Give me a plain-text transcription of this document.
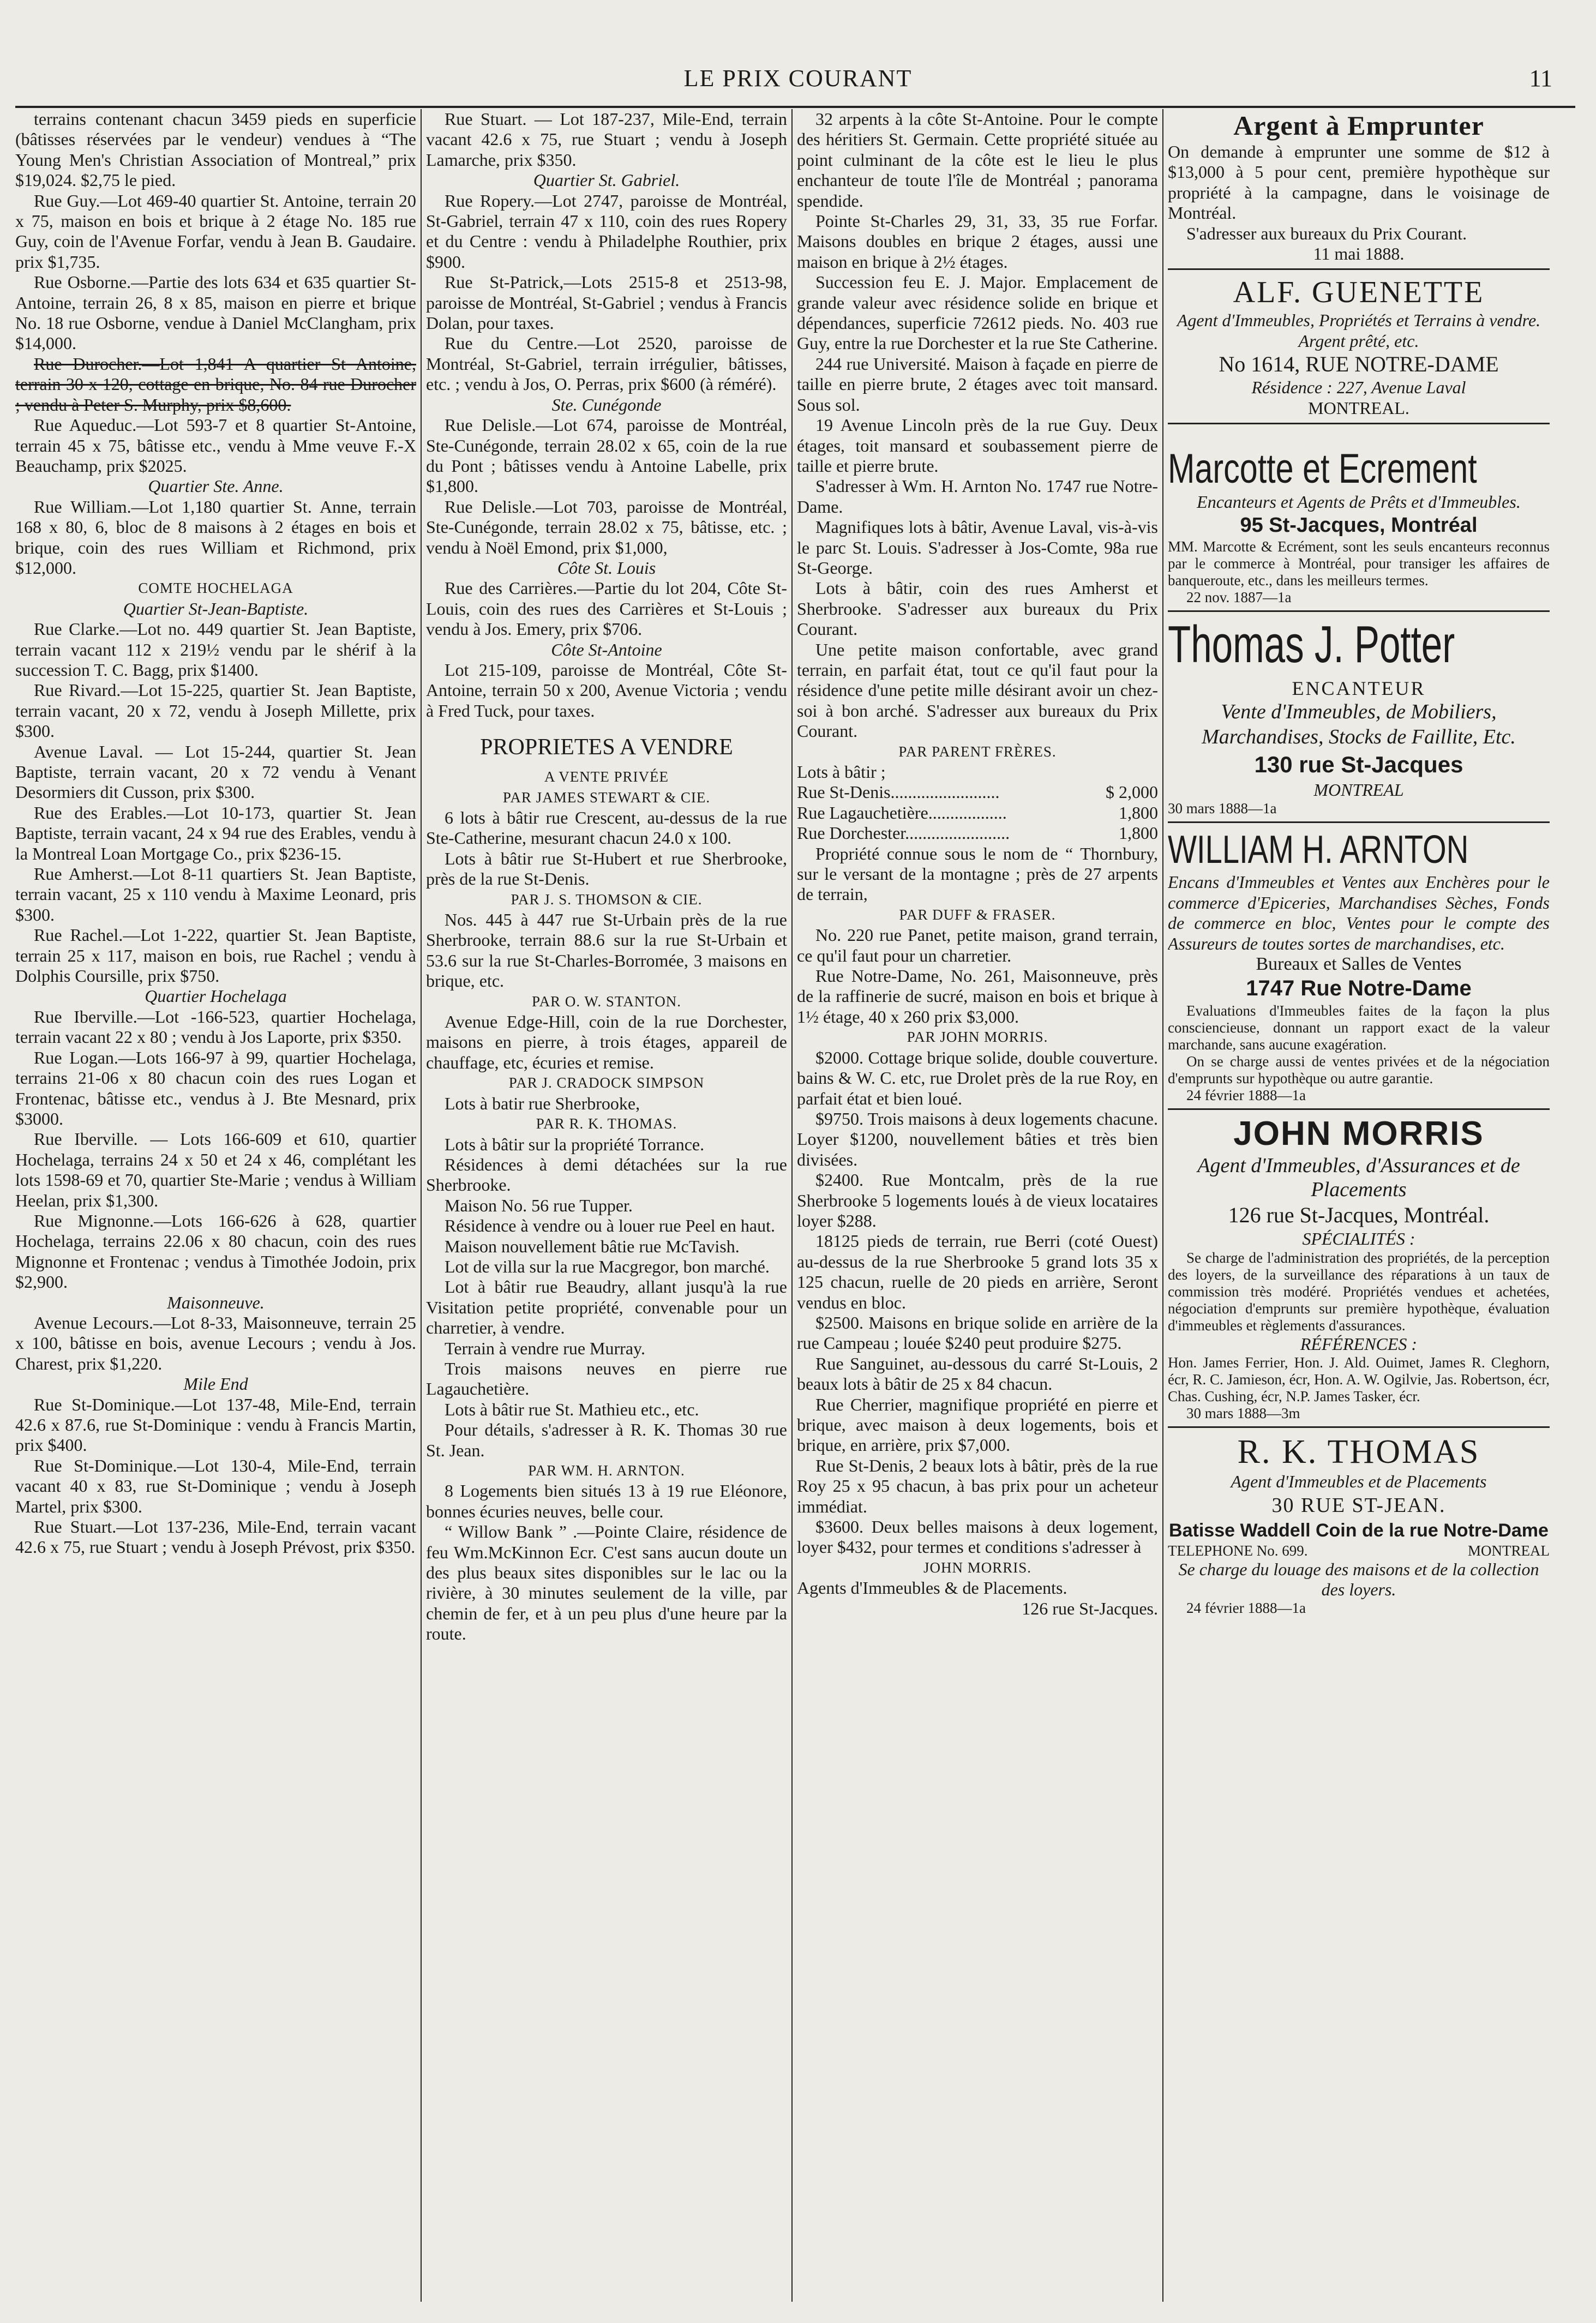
LE PRIX COURANT	11

terrains contenant chacun 3459 pieds en superficie (bâtisses réservées par le vendeur) vendues à “The Young Men's Christian Association of Montreal,” prix $19,024. $2,75 le pied.

Rue Guy.—Lot 469-40 quartier St. Antoine, terrain 20 x 75, maison en bois et brique à 2 étage No. 185 rue Guy, coin de l'Avenue Forfar, vendu à Jean B. Gaudaire. prix $1,735.

Rue Osborne.—Partie des lots 634 et 635 quartier St-Antoine, terrain 26, 8 x 85, maison en pierre et brique No. 18 rue Osborne, vendue à Daniel McClangham, prix $14,000.

Rue Durocher.—Lot 1,841 A quartier St Antoine, terrain 30 x 120, cottage en brique, No. 84 rue Durocher ; vendu à Peter S. Murphy, prix $8,600.

Rue Aqueduc.—Lot 593-7 et 8 quartier St-Antoine, terrain 45 x 75, bâtisse etc., vendu à Mme veuve F.-X Beauchamp, prix $2025.

Quartier Ste. Anne.

Rue William.—Lot 1,180 quartier St. Anne, terrain 168 x 80, 6, bloc de 8 maisons à 2 étages en bois et brique, coin des rues William et Richmond, prix $12,000.

COMTE HOCHELAGA

Quartier St-Jean-Baptiste.

Rue Clarke.—Lot no. 449 quartier St. Jean Baptiste, terrain vacant 112 x 219½ vendu par le shérif à la succession T. C. Bagg, prix $1400.

Rue Rivard.—Lot 15-225, quartier St. Jean Baptiste, terrain vacant, 20 x 72, vendu à Joseph Millette, prix $300.

Avenue Laval. — Lot 15-244, quartier St. Jean Baptiste, terrain vacant, 20 x 72 vendu à Venant Desormiers dit Cusson, prix $300.

Rue des Erables.—Lot 10-173, quartier St. Jean Baptiste, terrain vacant, 24 x 94 rue des Erables, vendu à la Montreal Loan Mortgage Co., prix $236-15.

Rue Amherst.—Lot 8-11 quartiers St. Jean Baptiste, terrain vacant, 25 x 110 vendu à Maxime Leonard, pris $300.

Rue Rachel.—Lot 1-222, quartier St. Jean Baptiste, terrain 25 x 117, maison en bois, rue Rachel ; vendu à Dolphis Coursille, prix $750.

Quartier Hochelaga

Rue Iberville.—Lot -166-523, quartier Hochelaga, terrain vacant 22 x 80 ; vendu à Jos Laporte, prix $350.

Rue Logan.—Lots 166-97 à 99, quartier Hochelaga, terrains 21-06 x 80 chacun coin des rues Logan et Frontenac, bâtisse etc., vendus à J. Bte Mesnard, prix $3000.

Rue Iberville. — Lots 166-609 et 610, quartier Hochelaga, terrains 24 x 50 et 24 x 46, complétant les lots 1598-69 et 70, quartier Ste-Marie ; vendus à William Heelan, prix $1,300.

Rue Mignonne.—Lots 166-626 à 628, quartier Hochelaga, terrains 22.06 x 80 chacun, coin des rues Mignonne et Frontenac ; vendus à Timothée Jodoin, prix $2,900.

Maisonneuve.

Avenue Lecours.—Lot 8-33, Maisonneuve, terrain 25 x 100, bâtisse en bois, avenue Lecours ; vendu à Jos. Charest, prix $1,220.

Mile End

Rue St-Dominique.—Lot 137-48, Mile-End, terrain 42.6 x 87.6, rue St-Dominique : vendu à Francis Martin, prix $400.

Rue St-Dominique.—Lot 130-4, Mile-End, terrain vacant 40 x 83, rue St-Dominique ; vendu à Joseph Martel, prix $300.

Rue Stuart.—Lot 137-236, Mile-End, terrain vacant 42.6 x 75, rue Stuart ; vendu à Joseph Prévost, prix $350.

Rue Stuart. — Lot 187-237, Mile-End, terrain vacant 42.6 x 75, rue Stuart ; vendu à Joseph Lamarche, prix $350.

Quartier St. Gabriel.

Rue Ropery.—Lot 2747, paroisse de Montréal, St-Gabriel, terrain 47 x 110, coin des rues Ropery et du Centre : vendu à Philadelphe Routhier, prix $900.

Rue St-Patrick,—Lots 2515-8 et 2513-98, paroisse de Montréal, St-Gabriel ; vendus à Francis Dolan, pour taxes.

Rue du Centre.—Lot 2520, paroisse de Montréal, St-Gabriel, terrain irrégulier, bâtisses, etc. ; vendu à Jos, O. Perras, prix $600 (à réméré).

Ste. Cunégonde

Rue Delisle.—Lot 674, paroisse de Montréal, Ste-Cunégonde, terrain 28.02 x 65, coin de la rue du Pont ; bâtisses vendu à Antoine Labelle, prix $1,800.

Rue Delisle.—Lot 703, paroisse de Montréal, Ste-Cunégonde, terrain 28.02 x 75, bâtisse, etc. ; vendu à Noël Emond, prix $1,000,

Côte St. Louis

Rue des Carrières.—Partie du lot 204, Côte St-Louis, coin des rues des Carrières et St-Louis ; vendu à Jos. Emery, prix $706.

Côte St-Antoine

Lot 215-109, paroisse de Montréal, Côte St-Antoine, terrain 50 x 200, Avenue Victoria ; vendu à Fred Tuck, pour taxes.

PROPRIETES A VENDRE

A VENTE PRIVÉE

PAR JAMES STEWART & CIE.

6 lots à bâtir rue Crescent, au-dessus de la rue Ste-Catherine, mesurant chacun 24.0 x 100.

Lots à bâtir rue St-Hubert et rue Sherbrooke, près de la rue St-Denis.

PAR J. S. THOMSON & CIE.

Nos. 445 à 447 rue St-Urbain près de la rue Sherbrooke, terrain 88.6 sur la rue St-Urbain et 53.6 sur la rue St-Charles-Borromée, 3 maisons en brique, etc.

PAR O. W. STANTON.

Avenue Edge-Hill, coin de la rue Dorchester, maisons en pierre, à trois étages, appareil de chauffage, etc, écuries et remise.

PAR J. CRADOCK SIMPSON

Lots à batir rue Sherbrooke,

PAR R. K. THOMAS.

Lots à bâtir sur la propriété Torrance.

Résidences à demi détachées sur la rue Sherbrooke.

Maison No. 56 rue Tupper.

Résidence à vendre ou à louer rue Peel en haut.

Maison nouvellement bâtie rue McTavish.

Lot de villa sur la rue Macgregor, bon marché.

Lot à bâtir rue Beaudry, allant jusqu'à la rue Visitation petite propriété, convenable pour un charretier, à vendre.

Terrain à vendre rue Murray.

Trois maisons neuves en pierre rue Lagauchetière.

Lots à bâtir rue St. Mathieu etc., etc.

Pour détails, s'adresser à R. K. Thomas 30 rue St. Jean.

PAR WM. H. ARNTON.

8 Logements bien situés 13 à 19 rue Eléonore, bonnes écuries neuves, belle cour.

“ Willow Bank ” .—Pointe Claire, résidence de feu Wm.McKinnon Ecr. C'est sans aucun doute un des plus beaux sites disponibles sur le lac ou la rivière, à 30 minutes seulement de la ville, par chemin de fer, et à un peu plus d'une heure par la route.

32 arpents à la côte St-Antoine. Pour le compte des héritiers St. Germain. Cette propriété située au point culminant de la côte est le lieu le plus enchanteur de toute l'île de Montréal ; panorama spendide.

Pointe St-Charles 29, 31, 33, 35 rue Forfar. Maisons doubles en brique 2 étages, aussi une maison en brique à 2½ étages.

Succession feu E. J. Major. Emplacement de grande valeur avec résidence solide en brique et dépendances, superficie 72612 pieds. No. 403 rue Guy, entre la rue Dorchester et la rue Ste Catherine.

244 rue Université. Maison à façade en pierre de taille en pierre brute, 2 étages avec toit mansard. Sous sol.

19 Avenue Lincoln près de la rue Guy. Deux étages, toit mansard et soubassement pierre de taille et pierre brute.

S'adresser à Wm. H. Arnton No. 1747 rue Notre-Dame.

Magnifiques lots à bâtir, Avenue Laval, vis-à-vis le parc St. Louis. S'adresser à Jos-Comte, 98a rue St-George.

Lots à bâtir, coin des rues Amherst et Sherbrooke. S'adresser aux bureaux du Prix Courant.

Une petite maison confortable, avec grand terrain, en parfait état, tout ce qu'il faut pour la résidence d'une petite mille désirant avoir un chez-soi à bon arché. S'adresser aux bureaux du Prix Courant.

PAR PARENT FRÈRES.

Lots à bâtir ;

Rue St-Denis.........................	$ 2,000
Rue Lagauchetière..................	1,800
Rue Dorchester........................	1,800

Propriété connue sous le nom de “ Thornbury, sur le versant de la montagne ; près de 27 arpents de terrain,

PAR DUFF & FRASER.

No. 220 rue Panet, petite maison, grand terrain, ce qu'il faut pour un charretier.

Rue Notre-Dame, No. 261, Maisonneuve, près de la raffinerie de sucré, maison en bois et brique à 1½ étage, 40 x 260 prix $3,000.

PAR JOHN MORRIS.

$2000. Cottage brique solide, double couverture. bains & W. C. etc, rue Drolet près de la rue Roy, en parfait état et bien loué.

$9750. Trois maisons à deux logements chacune. Loyer $1200, nouvellement bâties et très bien divisées.

$2400. Rue Montcalm, près de la rue Sherbrooke 5 logements loués à de vieux locataires loyer $288.

18125 pieds de terrain, rue Berri (coté Ouest) au-dessus de la rue Sherbrooke 5 grand lots 35 x 125 chacun, ruelle de 20 pieds en arrière, Seront vendus en bloc.

$2500. Maisons en brique solide en arrière de la rue Campeau ; louée $240 peut produire $275.

Rue Sanguinet, au-dessous du carré St-Louis, 2 beaux lots à bâtir de 25 x 84 chacun.

Rue Cherrier, magnifique propriété en pierre et brique, avec maison à deux logements, bois et brique, en arrière, prix $7,000.

Rue St-Denis, 2 beaux lots à bâtir, près de la rue Roy 25 x 95 chacun, à bas prix pour un acheteur immédiat.

$3600. Deux belles maisons à deux logement, loyer $432, pour termes et conditions s'adresser à

JOHN MORRIS.

Agents d'Immeubles & de Placements.

126 rue St-Jacques.

Argent à Emprunter

On demande à emprunter une somme de $12 à $13,000 à 5 pour cent, première hypothèque sur propriété à la campagne, dans le voisinage de Montréal.

S'adresser aux bureaux du Prix Courant.

11 mai 1888.

ALF. GUENETTE

Agent d'Immeubles, Propriétés et Terrains à vendre. Argent prêté, etc.

No 1614, RUE NOTRE-DAME

Résidence : 227, Avenue Laval

MONTREAL.

Marcotte et Ecrement

Encanteurs et Agents de Prêts et d'Immeubles.

95 St-Jacques, Montréal

MM. Marcotte & Ecrément, sont les seuls encanteurs reconnus par le commerce à Montréal, pour transiger les affaires de banqueroute, etc., dans les meilleurs termes.

22 nov. 1887—1a

Thomas J. Potter

ENCANTEUR

Vente d'Immeubles, de Mobiliers, Marchandises, Stocks de Faillite, Etc.

130 rue St-Jacques

MONTREAL

30 mars 1888—1a

WILLIAM H. ARNTON

Encans d'Immeubles et Ventes aux Enchères pour le commerce d'Epiceries, Marchandises Sèches, Fonds de commerce en bloc, Ventes pour le compte des Assureurs de toutes sortes de marchandises, etc.

Bureaux et Salles de Ventes

1747 Rue Notre-Dame

Evaluations d'Immeubles faites de la façon la plus consciencieuse, donnant un rapport exact de la valeur marchande, sans aucune exagération.

On se charge aussi de ventes privées et de la négociation d'emprunts sur hypothèque ou autre garantie.

24 février 1888—1a

JOHN MORRIS

Agent d'Immeubles, d'Assurances et de Placements

126 rue St-Jacques, Montréal.

SPÉCIALITÉS :

Se charge de l'administration des propriétés, de la perception des loyers, de la surveillance des réparations à un taux de commission très modéré. Propriétés vendues et achetées, négociation d'emprunts sur première hypothèque, évaluation d'immeubles et règlements d'assurances.

RÉFÉRENCES :

Hon. James Ferrier, Hon. J. Ald. Ouimet, James R. Cleghorn, écr, R. C. Jamieson, écr, Hon. A. W. Ogilvie, Jas. Robertson, écr, Chas. Cushing, écr, N.P. James Tasker, écr.

30 mars 1888—3m

R. K. THOMAS

Agent d'Immeubles et de Placements

30 RUE ST-JEAN.

Batisse Waddell Coin de la rue Notre-Dame

TELEPHONE No. 699.	MONTREAL

Se charge du louage des maisons et de la collection des loyers.

24 février 1888—1a
